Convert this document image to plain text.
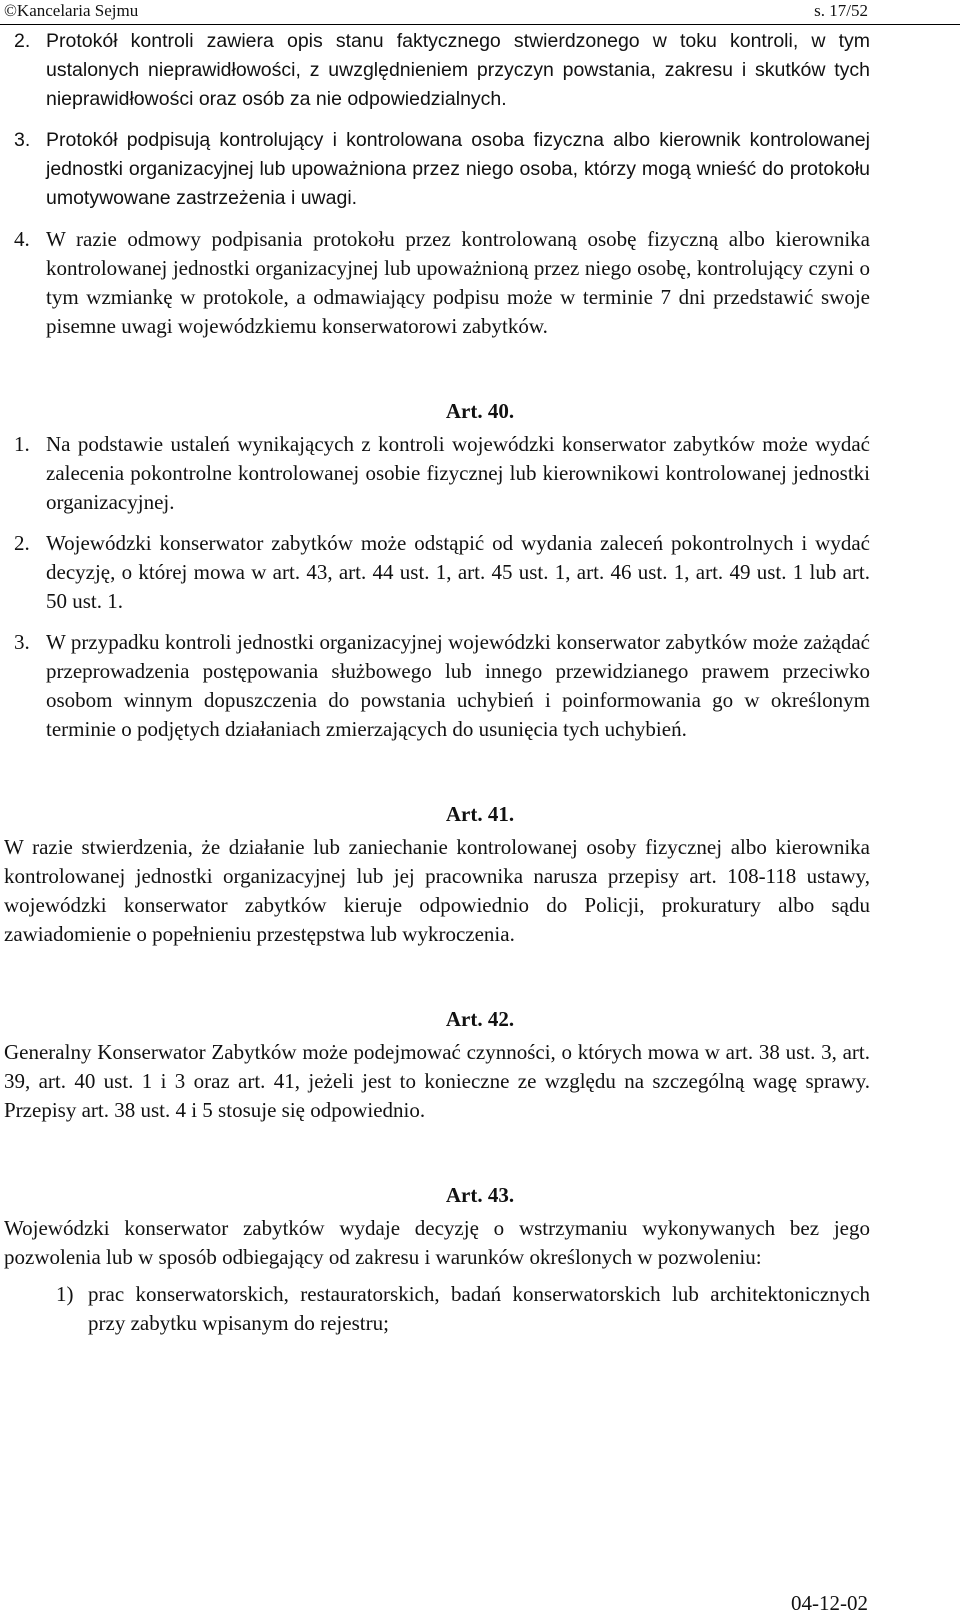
©Kancelaria Sejmu	s. 17/52
2. Protokół kontroli zawiera opis stanu faktycznego stwierdzonego w toku kontroli, w tym ustalonych nieprawidłowości, z uwzględnieniem przyczyn powstania, zakresu i skutków tych nieprawidłowości oraz osób za nie odpowiedzialnych.
3. Protokół podpisują kontrolujący i kontrolowana osoba fizyczna albo kierownik kontrolowanej jednostki organizacyjnej lub upoważniona przez niego osoba, którzy mogą wnieść do protokołu umotywowane zastrzeżenia i uwagi.
4. W razie odmowy podpisania protokołu przez kontrolowaną osobę fizyczną albo kierownika kontrolowanej jednostki organizacyjnej lub upoważnioną przez niego osobę, kontrolujący czyni o tym wzmiankę w protokole, a odmawiający podpisu może w terminie 7 dni przedstawić swoje pisemne uwagi wojewódzkiemu konserwatorowi zabytków.

Art. 40.

1. Na podstawie ustaleń wynikających z kontroli wojewódzki konserwator zabytków może wydać zalecenia pokontrolne kontrolowanej osobie fizycznej lub kierownikowi kontrolowanej jednostki organizacyjnej.
2. Wojewódzki konserwator zabytków może odstąpić od wydania zaleceń pokontrolnych i wydać decyzję, o której mowa w art. 43, art. 44 ust. 1, art. 45 ust. 1, art. 46 ust. 1, art. 49 ust. 1 lub art. 50 ust. 1.
3. W przypadku kontroli jednostki organizacyjnej wojewódzki konserwator zabytków może zażądać przeprowadzenia postępowania służbowego lub innego przewidzianego prawem przeciwko osobom winnym dopuszczenia do powstania uchybień i poinformowania go w określonym terminie o podjętych działaniach zmierzających do usunięcia tych uchybień.

Art. 41.

W razie stwierdzenia, że działanie lub zaniechanie kontrolowanej osoby fizycznej albo kierownika kontrolowanej jednostki organizacyjnej lub jej pracownika narusza przepisy art. 108-118 ustawy, wojewódzki konserwator zabytków kieruje odpowiednio do Policji, prokuratury albo sądu zawiadomienie o popełnieniu przestępstwa lub wykroczenia.

Art. 42.

Generalny Konserwator Zabytków może podejmować czynności, o których mowa w art. 38 ust. 3, art. 39, art. 40 ust. 1 i 3 oraz art. 41, jeżeli jest to konieczne ze względu na szczególną wagę sprawy. Przepisy art. 38 ust. 4 i 5 stosuje się odpowiednio.

Art. 43.

Wojewódzki konserwator zabytków wydaje decyzję o wstrzymaniu wykonywanych bez jego pozwolenia lub w sposób odbiegający od zakresu i warunków określonych w pozwoleniu:
1) prac konserwatorskich, restauratorskich, badań konserwatorskich lub architektonicznych przy zabytku wpisanym do rejestru;
04-12-02
